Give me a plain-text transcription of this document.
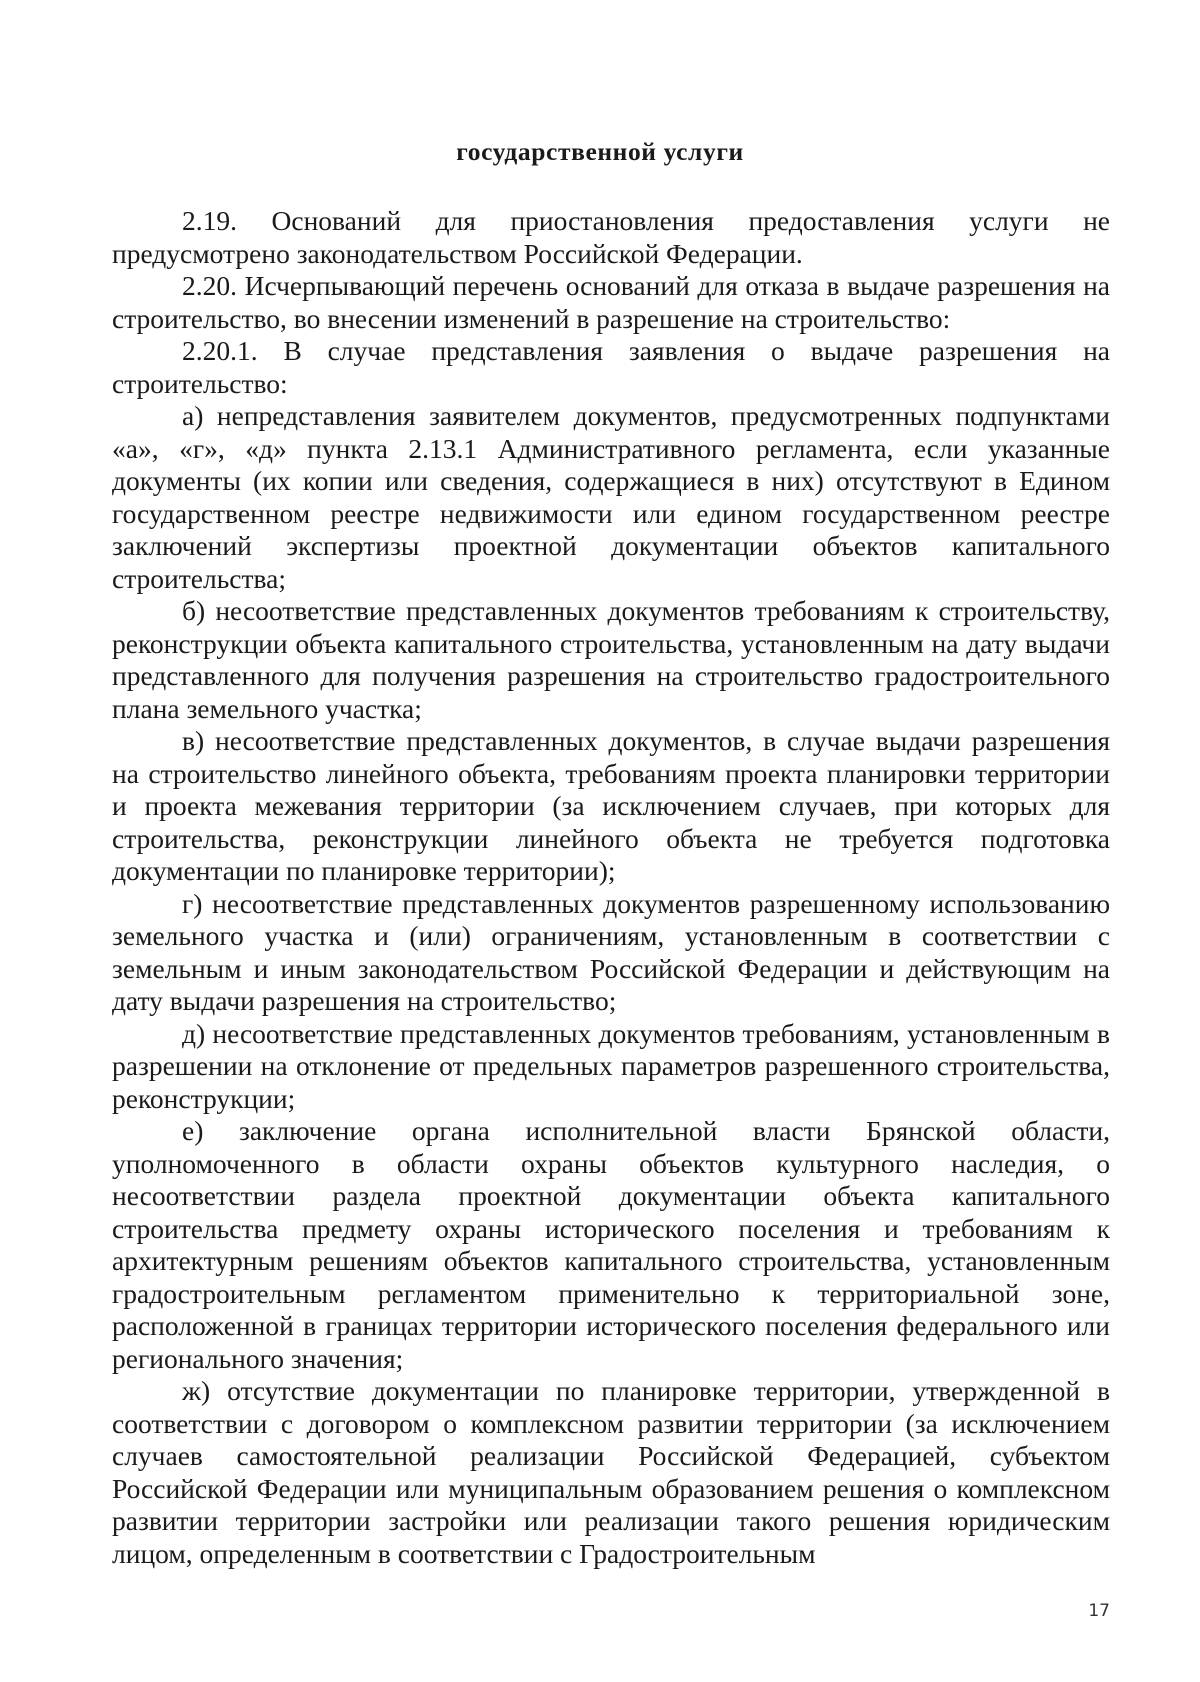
государственной услуги

2.19. Оснований для приостановления предоставления услуги не предусмотрено законодательством Российской Федерации.

2.20. Исчерпывающий перечень оснований для отказа в выдаче разрешения на строительство, во внесении изменений в разрешение на строительство:

2.20.1. В случае представления заявления о выдаче разрешения на строительство:

а) непредставления заявителем документов, предусмотренных подпунктами «а», «г», «д» пункта 2.13.1 Административного регламента, если указанные документы (их копии или сведения, содержащиеся в них) отсутствуют в Едином государственном реестре недвижимости или едином государственном реестре заключений экспертизы проектной документации объектов капитального строительства;

б) несоответствие представленных документов требованиям к строительству, реконструкции объекта капитального строительства, установленным на дату выдачи представленного для получения разрешения на строительство градостроительного плана земельного участка;

в) несоответствие представленных документов, в случае выдачи разрешения на строительство линейного объекта, требованиям проекта планировки территории и проекта межевания территории (за исключением случаев, при которых для строительства, реконструкции линейного объекта не требуется подготовка документации по планировке территории);

г) несоответствие представленных документов разрешенному использованию земельного участка и (или) ограничениям, установленным в соответствии с земельным и иным законодательством Российской Федерации и действующим на дату выдачи разрешения на строительство;

д) несоответствие представленных документов требованиям, установленным в разрешении на отклонение от предельных параметров разрешенного строительства, реконструкции;

е) заключение органа исполнительной власти Брянской области, уполномоченного в области охраны объектов культурного наследия, о несоответствии раздела проектной документации объекта капитального строительства предмету охраны исторического поселения и требованиям к архитектурным решениям объектов капитального строительства, установленным градостроительным регламентом применительно к территориальной зоне, расположенной в границах территории исторического поселения федерального или регионального значения;

ж) отсутствие документации по планировке территории, утвержденной в соответствии с договором о комплексном развитии территории (за исключением случаев самостоятельной реализации Российской Федерацией, субъектом Российской Федерации или муниципальным образованием решения о комплексном развитии территории застройки или реализации такого решения юридическим лицом, определенным в соответствии с Градостроительным

17
